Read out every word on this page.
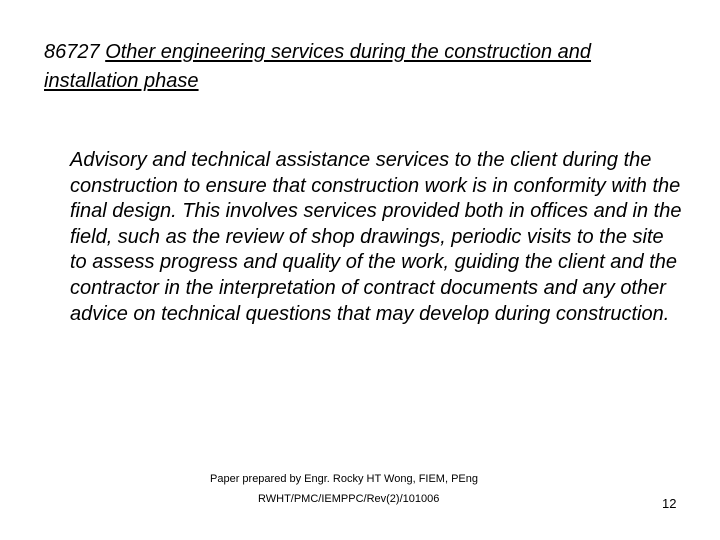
86727 Other engineering services during the construction and installation phase

Advisory and technical assistance services to the client during the construction to ensure that construction work is in conformity with the final design. This involves services provided both in offices and in the field, such as the review of shop drawings, periodic visits to the site to assess progress and quality of the work, guiding the client and the contractor in the interpretation of contract documents and any other advice on technical questions that may develop during construction.

Paper prepared by Engr. Rocky HT Wong, FIEM, PEng

RWHT/PMC/IEMPPC/Rev(2)/101006	12
